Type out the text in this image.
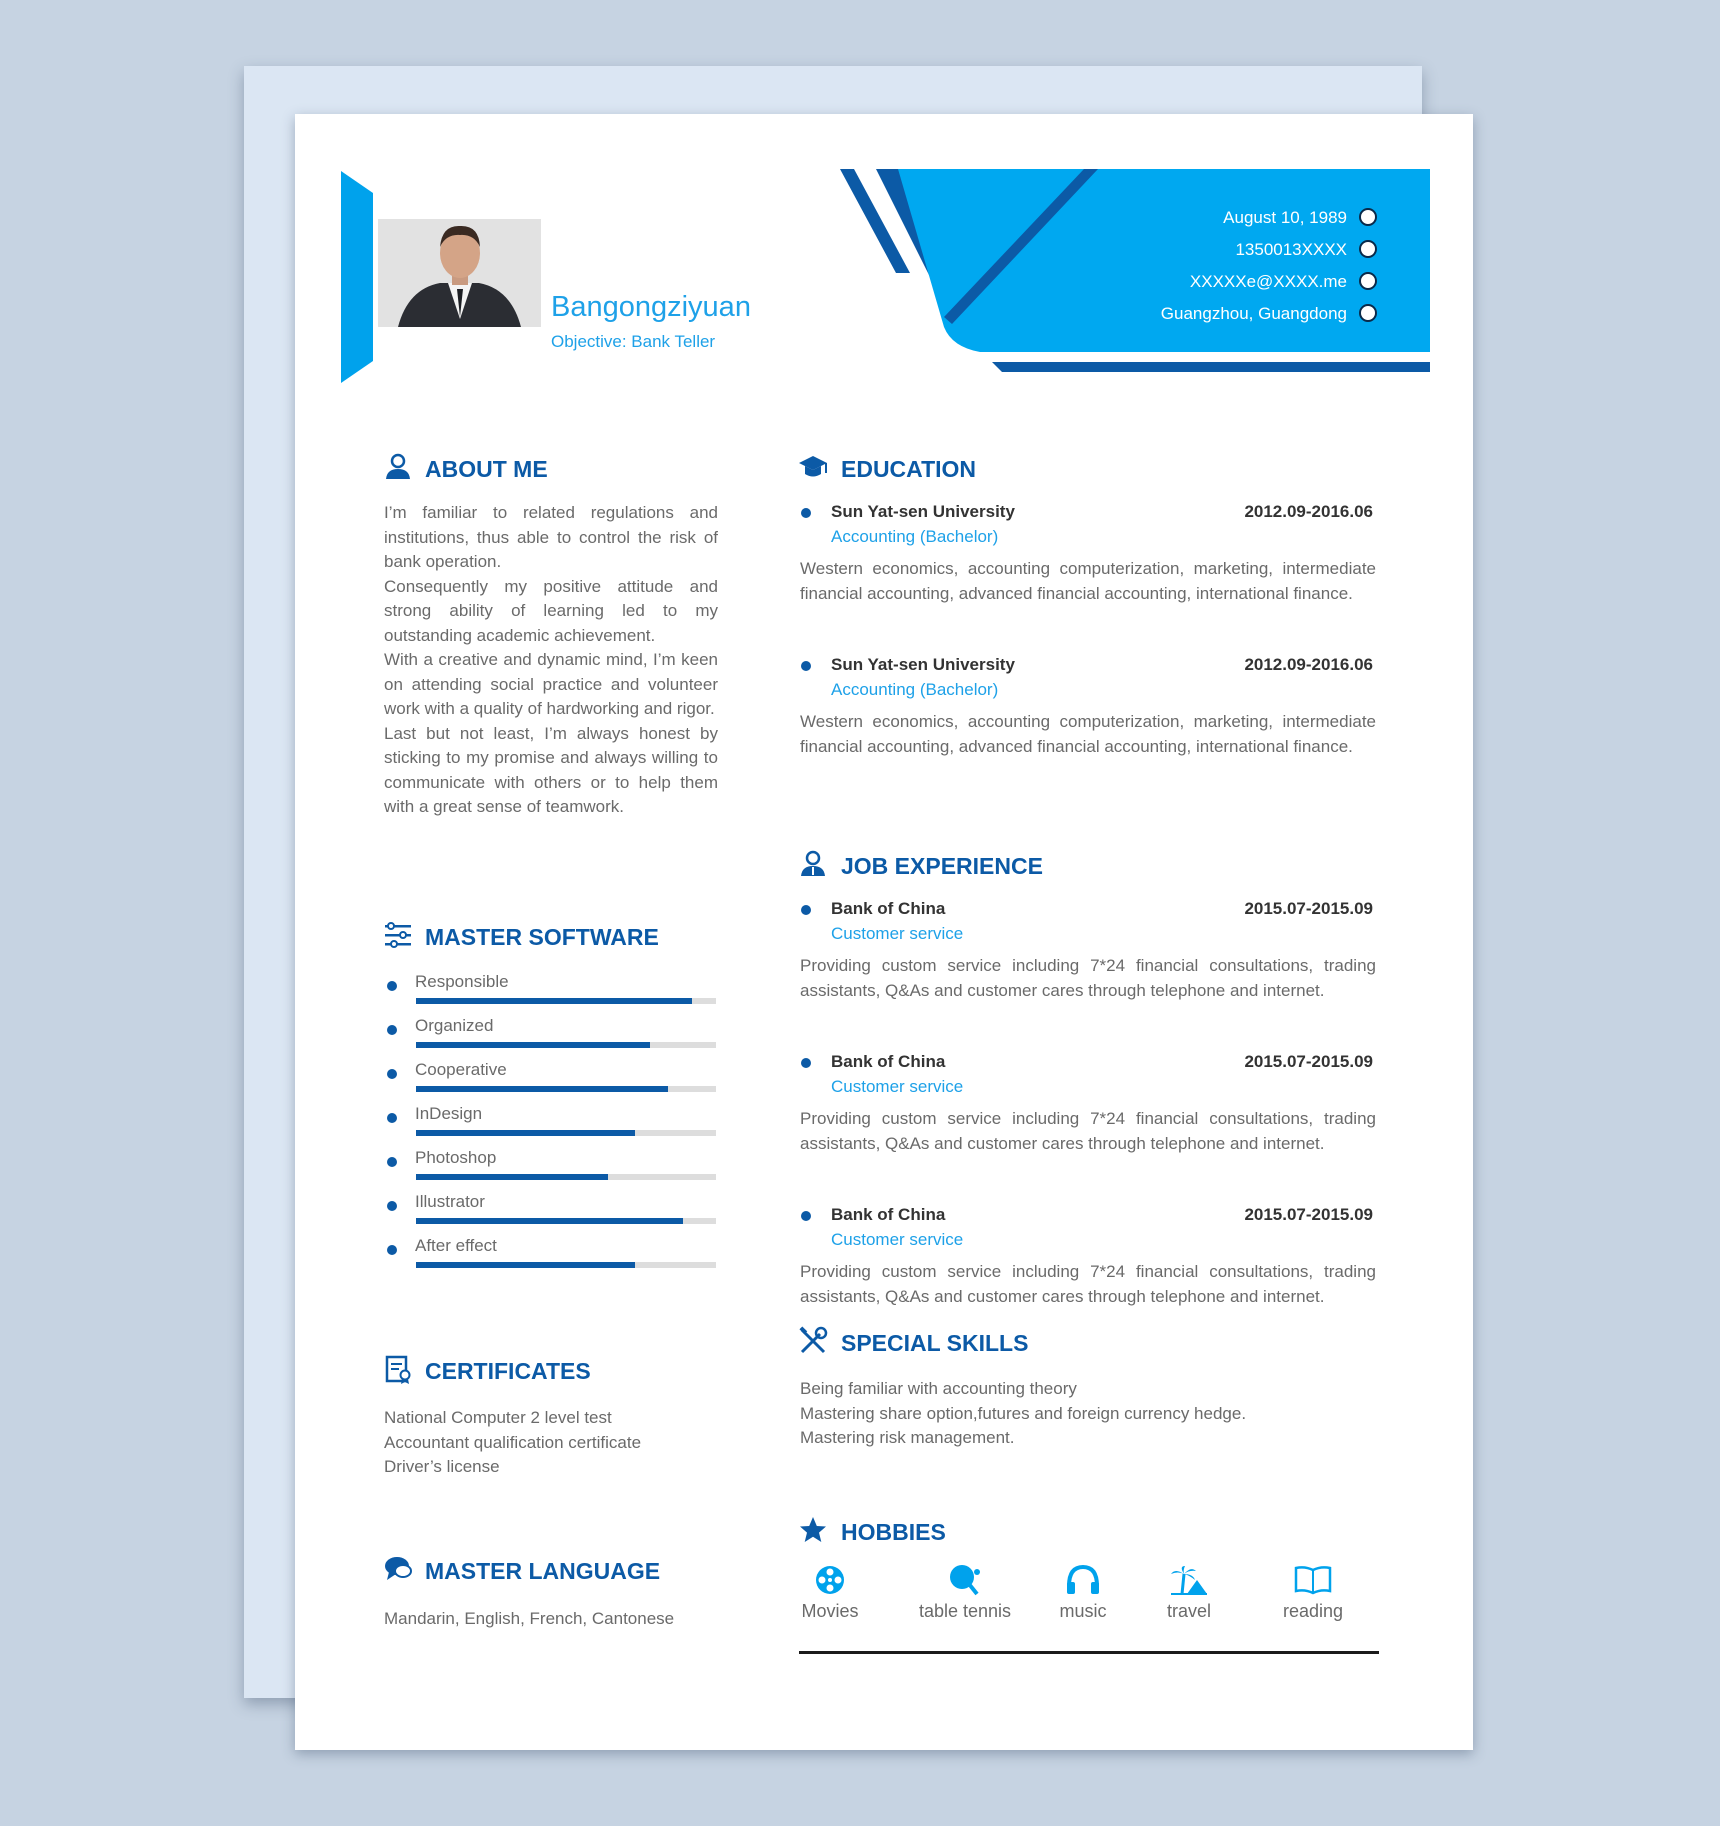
Bangongziyuan
Objective: Bank Teller
August 10, 1989
1350013XXXX
XXXXXe@XXXX.me
Guangzhou, Guangdong
ABOUT ME

I’m familiar to related regulations and institutions, thus able to control the risk of bank operation.

Consequently my positive attitude and strong ability of learning led to my outstanding academic achievement.

With a creative and dynamic mind, I’m keen on attending social practice and volunteer work with a quality of hardworking and rigor.

Last but not least, I’m always honest by sticking to my promise and always willing to communicate with others or to help them with a great sense of teamwork.

MASTER SOFTWARE
CERTIFICATES
National Computer 2 level test
Accountant qualification certificate
Driver’s license
MASTER LANGUAGE
Mandarin, English, French, Cantonese
EDUCATION
Sun Yat-sen University	2012.09-2016.06
Accounting (Bachelor)
Western economics, accounting computerization, marketing, intermediate financial accounting, advanced financial accounting, international finance.
Sun Yat-sen University	2012.09-2016.06
Accounting (Bachelor)
Western economics, accounting computerization, marketing, intermediate financial accounting, advanced financial accounting, international finance.
JOB EXPERIENCE
Bank of China	2015.07-2015.09
Customer service
Providing custom service including 7*24 financial consultations, trading assistants, Q&As and customer cares through telephone and internet.
Bank of China	2015.07-2015.09
Customer service
Providing custom service including 7*24 financial consultations, trading assistants, Q&As and customer cares through telephone and internet.
Bank of China	2015.07-2015.09
Customer service
Providing custom service including 7*24 financial consultations, trading assistants, Q&As and customer cares through telephone and internet.
SPECIAL SKILLS
Being familiar with accounting theory
Mastering share option,futures and foreign currency hedge.
Mastering risk management.
HOBBIES
Movies	table tennis	music	travel	reading
Responsible
Organized
Cooperative
InDesign
Photoshop
Illustrator
After effect
